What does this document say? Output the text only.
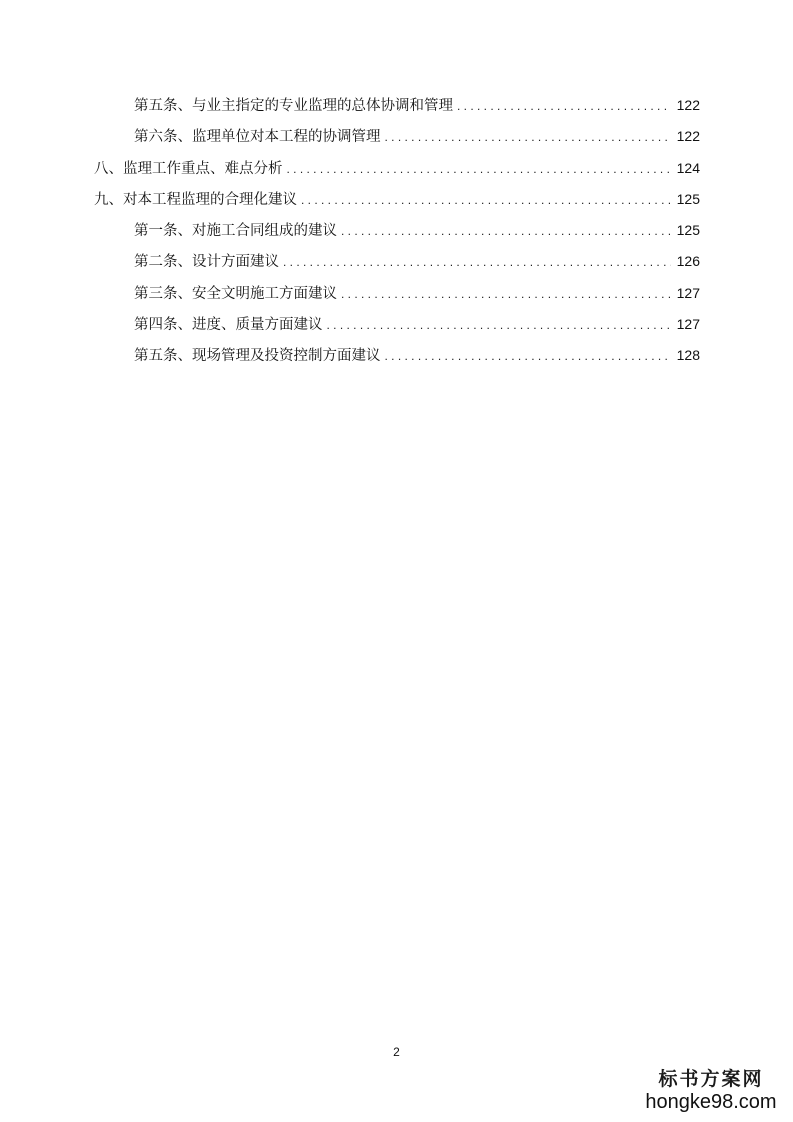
第五条、与业主指定的专业监理的总体协调和管理 . . .	122
第六条、监理单位对本工程的协调管理 . . .	122
八、监理工作重点、难点分析 . . .	124
九、对本工程监理的合理化建议 . . .	125
第一条、对施工合同组成的建议 . . .	125
第二条、设计方面建议 . . .	126
第三条、安全文明施工方面建议 . . .	127
第四条、进度、质量方面建议 . . .	127
第五条、现场管理及投资控制方面建议 . . .	128
2
标书方案网
hongke98.com
